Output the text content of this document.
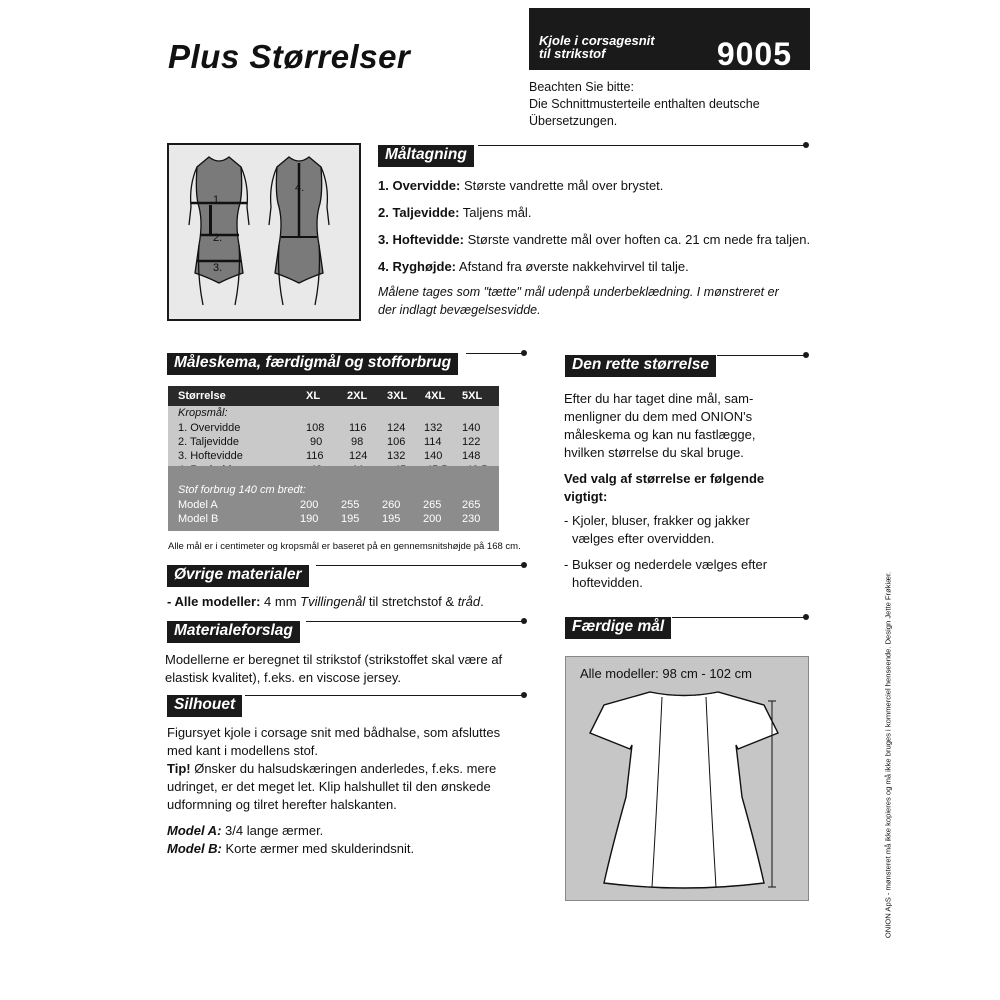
Plus Størrelser	Kjole i corsagesnit
til strikstof	9005
Beachten Sie bitte:
Die Schnittmusterteile enthalten deutsche
Übersetzungen.
Måltagning
1.
2.
3.
4.	1. Overvidde: Største vandrette mål over brystet.
2. Taljevidde: Taljens mål.
3. Hoftevidde: Største vandrette mål over hoften ca. 21 cm nede fra taljen.
4. Ryghøjde: Afstand fra øverste nakkehvirvel til talje.
Målene tages som "tætte" mål udenpå underbeklædning. I mønstreret er
der indlagt bevægelsesvidde.
Måleskema, færdigmål og stofforbrug
Størrelse	XL 2XL 3XL 4XL 5XL
Kropsmål:
1. Overvidde	108 116 124 132 140
2. Taljevidde	90	98 106 114 122
3. Hoftevidde	116 124 132 140 148
Stof forbrug 140 cm bredt:
Model A	200 255 260 265 265
Model B	190 195 195 200 230
Alle mål er i centimeter og kropsmål er baseret på en gennemsnitshøjde på 168 cm.
Øvrige materialer
- Alle modeller: 4 mm Tvillingenål til stretchstof & tråd.
Materialeforslag
Modellerne er beregnet til strikstof (strikstoffet skal være af
elastisk kvalitet), f.eks. en viscose jersey.
Silhouet
Figursyet kjole i corsage snit med bådhalse, som afsluttes
med kant i modellens stof.
Tip! Ønsker du halsudskæringen anderledes, f.eks. mere
udringet, er det meget let. Klip halshullet til den ønskede
udformning og tilret herefter halskanten.
Model A: 3/4 lange ærmer.
Model B: Korte ærmer med skulderindsnit.
Den rette størrelse
Efter du har taget dine mål, sam-
menligner du dem med ONION's
måleskema og kan nu fastlægge,
hvilken størrelse du skal bruge.
Ved valg af størrelse er følgende
vigtigt:
- Kjoler, bluser, frakker og jakker
vælges efter overvidden.
- Bukser og nederdele vælges efter
hoftevidden.
Færdige mål
Alle modeller: 98 cm - 102 cm	ONION ApS - mønsteret må ikke kopieres og må ikke bruges i kommerciel henseende. Design Jette Frøkiær.
